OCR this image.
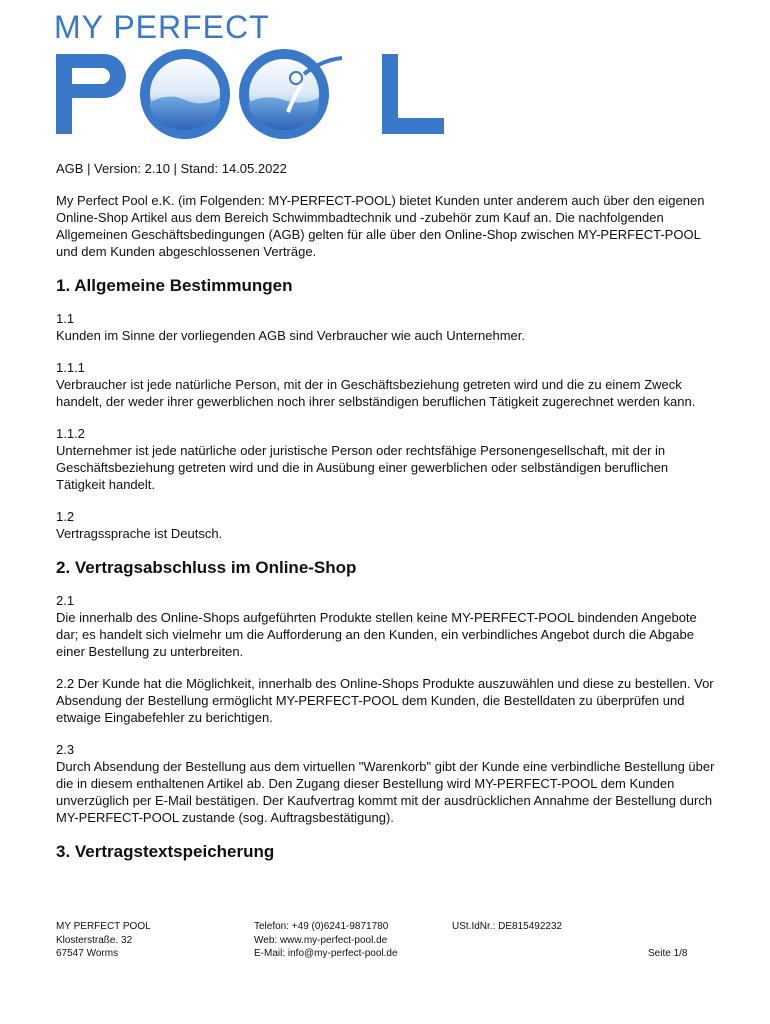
MY PERFECT
POOL

AGB | Version: 2.10 | Stand: 14.05.2022

My Perfect Pool e.K. (im Folgenden: MY-PERFECT-POOL) bietet Kunden unter anderem auch über den eigenen Online-Shop Artikel aus dem Bereich Schwimmbadtechnik und -zubehör zum Kauf an. Die nachfolgenden Allgemeinen Geschäftsbedingungen (AGB) gelten für alle über den Online-Shop zwischen MY-PERFECT-POOL und dem Kunden abgeschlossenen Verträge.

1. Allgemeine Bestimmungen

1.1
Kunden im Sinne der vorliegenden AGB sind Verbraucher wie auch Unternehmer.

1.1.1
Verbraucher ist jede natürliche Person, mit der in Geschäftsbeziehung getreten wird und die zu einem Zweck handelt, der weder ihrer gewerblichen noch ihrer selbständigen beruflichen Tätigkeit zugerechnet werden kann.

1.1.2
Unternehmer ist jede natürliche oder juristische Person oder rechtsfähige Personengesellschaft, mit der in Geschäftsbeziehung getreten wird und die in Ausübung einer gewerblichen oder selbständigen beruflichen Tätigkeit handelt.

1.2
Vertragssprache ist Deutsch.

2. Vertragsabschluss im Online-Shop

2.1
Die innerhalb des Online-Shops aufgeführten Produkte stellen keine MY-PERFECT-POOL bindenden Angebote dar; es handelt sich vielmehr um die Aufforderung an den Kunden, ein verbindliches Angebot durch die Abgabe einer Bestellung zu unterbreiten.

2.2 Der Kunde hat die Möglichkeit, innerhalb des Online-Shops Produkte auszuwählen und diese zu bestellen. Vor Absendung der Bestellung ermöglicht MY-PERFECT-POOL dem Kunden, die Bestelldaten zu überprüfen und etwaige Eingabefehler zu berichtigen.

2.3
Durch Absendung der Bestellung aus dem virtuellen "Warenkorb" gibt der Kunde eine verbindliche Bestellung über die in diesem enthaltenen Artikel ab. Den Zugang dieser Bestellung wird MY-PERFECT-POOL dem Kunden unverzüglich per E-Mail bestätigen. Der Kaufvertrag kommt mit der ausdrücklichen Annahme der Bestellung durch MY-PERFECT-POOL zustande (sog. Auftragsbestätigung).

3. Vertragstextspeicherung
MY PERFECT POOL
Klosterstraße. 32
67547 Worms
Telefon: +49 (0)6241-9871780
Web: www.my-perfect-pool.de
E-Mail: info@my-perfect-pool.de
USt.IdNr.: DE815492232
Seite 1/8
